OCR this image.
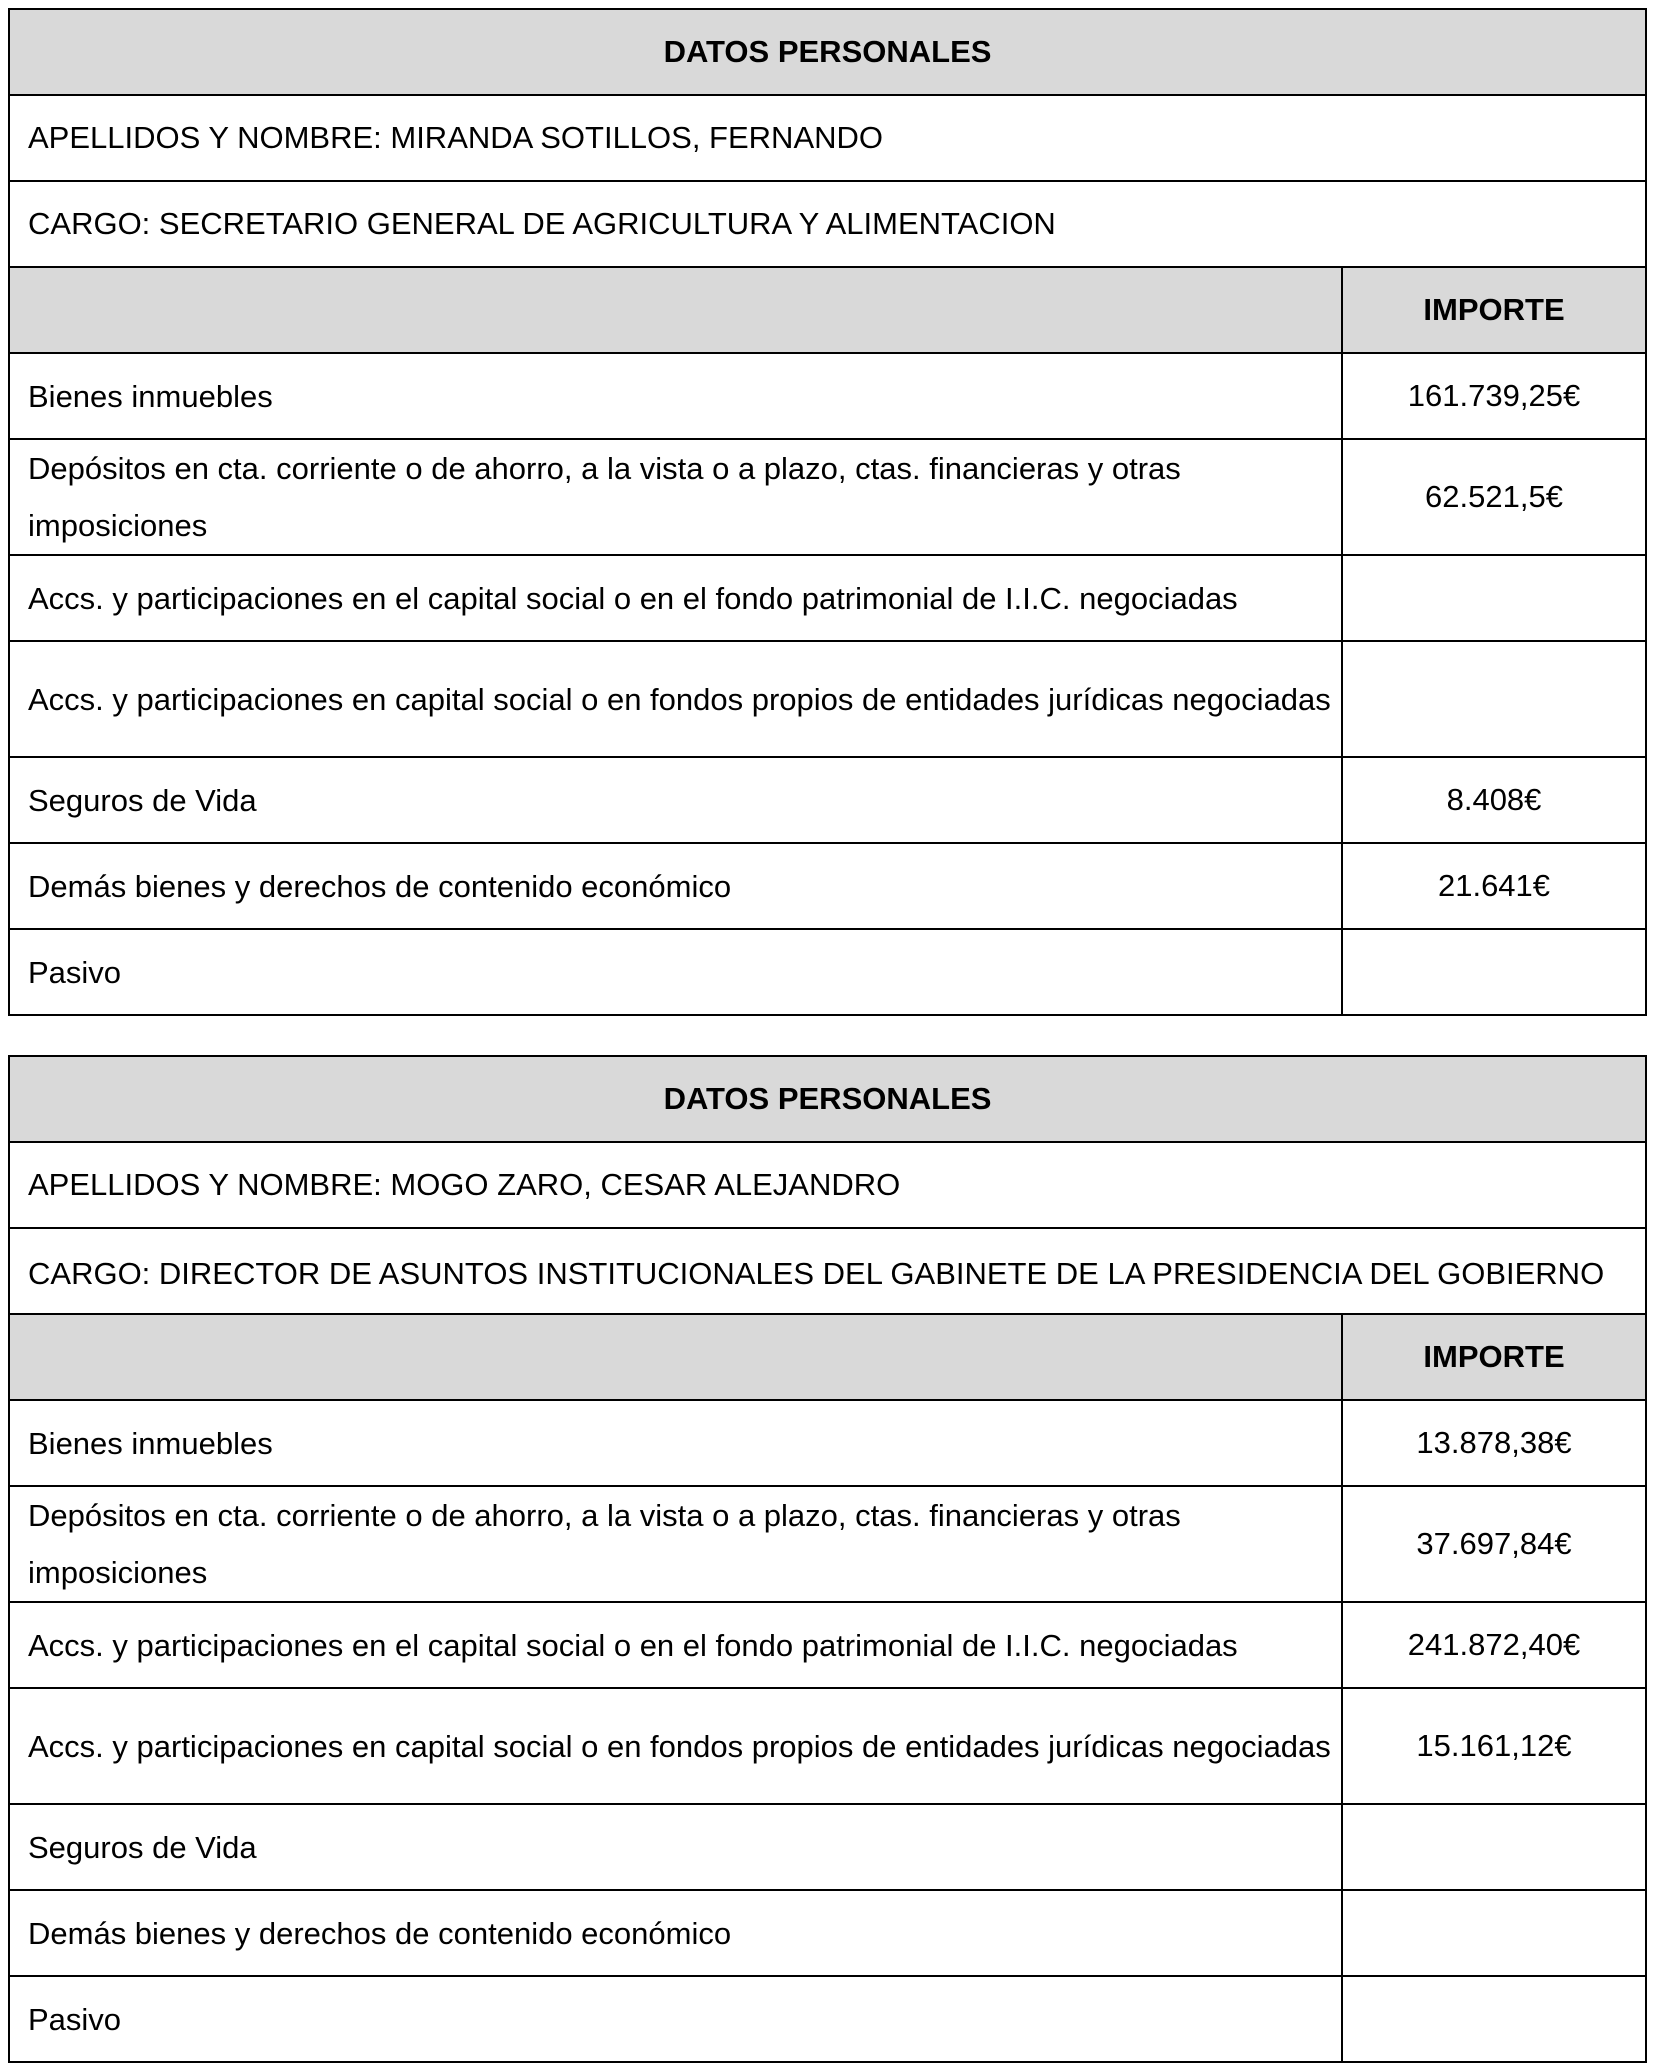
DATOS PERSONALES	
APELLIDOS Y NOMBRE: MIRANDA SOTILLOS, FERNANDO	
CARGO: SECRETARIO GENERAL DE AGRICULTURA Y ALIMENTACION	
	IMPORTE
Bienes inmuebles	161.739,25€
Depósitos en cta. corriente o de ahorro, a la vista o a plazo, ctas. financieras y otras imposiciones	62.521,5€
Accs. y participaciones en el capital social o en el fondo patrimonial de I.I.C. negociadas	
Accs. y participaciones en capital social o en fondos propios de entidades jurídicas negociadas	
Seguros de Vida	8.408€
Demás bienes y derechos de contenido económico	21.641€
Pasivo	
DATOS PERSONALES	
APELLIDOS Y NOMBRE: MOGO ZARO, CESAR ALEJANDRO	
CARGO: DIRECTOR DE ASUNTOS INSTITUCIONALES DEL GABINETE DE LA PRESIDENCIA DEL GOBIERNO	
	IMPORTE
Bienes inmuebles	13.878,38€
Depósitos en cta. corriente o de ahorro, a la vista o a plazo, ctas. financieras y otras imposiciones	37.697,84€
Accs. y participaciones en el capital social o en el fondo patrimonial de I.I.C. negociadas	241.872,40€
Accs. y participaciones en capital social o en fondos propios de entidades jurídicas negociadas	15.161,12€
Seguros de Vida	
Demás bienes y derechos de contenido económico	
Pasivo	
